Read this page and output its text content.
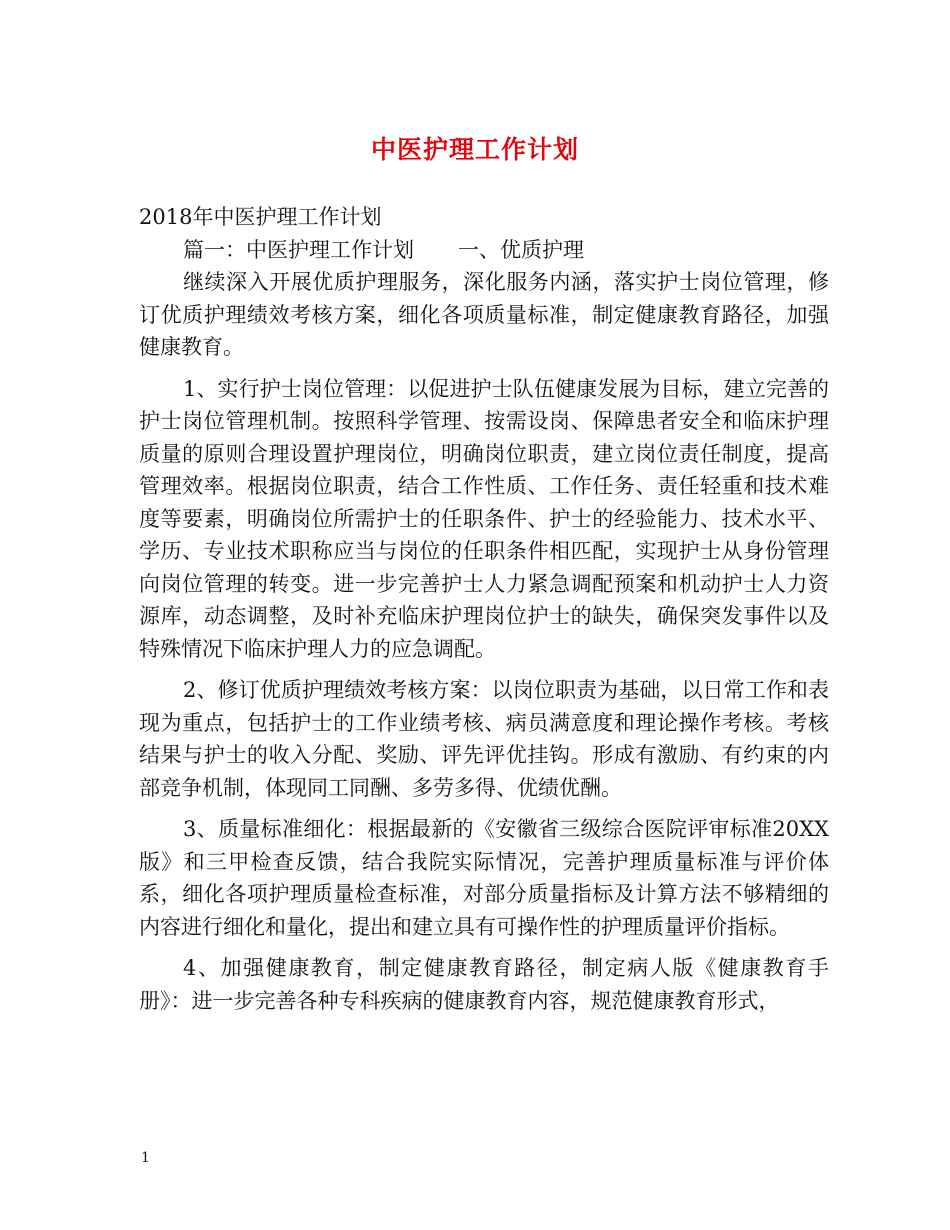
中医护理工作计划

2018年中医护理工作计划

篇一：中医护理工作计划 一、优质护理

继续深入开展优质护理服务，深化服务内涵，落实护士岗位管理，修订优质护理绩效考核方案，细化各项质量标准，制定健康教育路径，加强健康教育。

1、实行护士岗位管理：以促进护士队伍健康发展为目标，建立完善的护士岗位管理机制。按照科学管理、按需设岗、保障患者安全和临床护理质量的原则合理设置护理岗位，明确岗位职责，建立岗位责任制度，提高管理效率。根据岗位职责，结合工作性质、工作任务、责任轻重和技术难度等要素，明确岗位所需护士的任职条件、护士的经验能力、技术水平、学历、专业技术职称应当与岗位的任职条件相匹配，实现护士从身份管理向岗位管理的转变。进一步完善护士人力紧急调配预案和机动护士人力资源库，动态调整，及时补充临床护理岗位护士的缺失，确保突发事件以及特殊情况下临床护理人力的应急调配。

2、修订优质护理绩效考核方案：以岗位职责为基础，以日常工作和表现为重点，包括护士的工作业绩考核、病员满意度和理论操作考核。考核结果与护士的收入分配、奖励、评先评优挂钩。形成有激励、有约束的内部竞争机制，体现同工同酬、多劳多得、优绩优酬。

3、质量标准细化：根据最新的《安徽省三级综合医院评审标准20XX版》和三甲检查反馈，结合我院实际情况，完善护理质量标准与评价体系，细化各项护理质量检查标准，对部分质量指标及计算方法不够精细的内容进行细化和量化，提出和建立具有可操作性的护理质量评价指标。

4、加强健康教育，制定健康教育路径，制定病人版《健康教育手册》：进一步完善各种专科疾病的健康教育内容，规范健康教育形式，

1
